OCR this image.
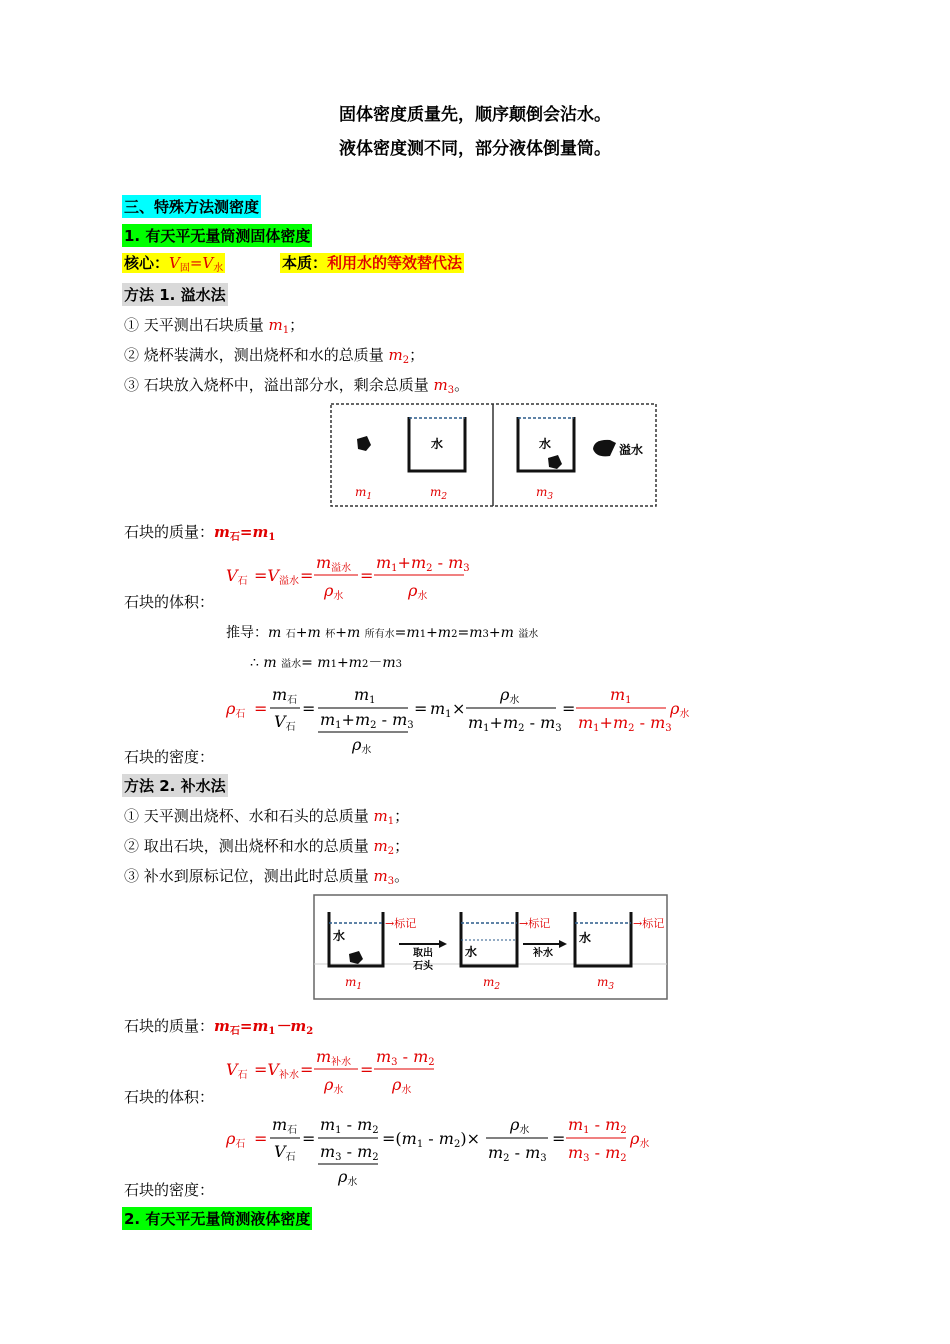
固体密度质量先，顺序颠倒会沾水。
液体密度测不同，部分液体倒量筒。
三、特殊方法测密度
1. 有天平无量筒测固体密度
核心：$V_固=V_水$	本质：利用水的等效替代法
方法 1. 溢水法
① 天平测出石块质量 $m_1$；
② 烧杯装满水，测出烧杯和水的总质量 $m_2$；
③ 石块放入烧杯中，溢出部分水，剩余总质量 $m_3$。
水	水	溢水
$m_1$	$m_2$	$m_3$
石块的质量：$m_石=m_1$
V石 =V溢水 =
m溢水
ρ水
=
m1+m2 - m3
ρ水
石块的体积：
推导：m 石+m 杯+m 所有水=m1+m2=m3+m 溢水
∴ m 溢水= m1+m2－m3
ρ石 =
m石
V石
=
m1
m1+m2 - m3
ρ水
= m1 ×
ρ水
m1+m2 - m3
=
m1
m1+m2 - m3
ρ水
石块的密度：
方法 2. 补水法
① 天平测出烧杯、水和石头的总质量 $m_1$；
② 取出石块，测出烧杯和水的总质量 $m_2$；
③ 补水到原标记位，测出此时总质量 $m_3$。
水
→标记
取出
石头
水
→标记
补水
水
→标记
$m_1$	$m_2$	$m_3$
石块的质量：$m_石=m_1-m_2$
V石 =V补水 =
m补水
ρ水
=
m3 - m2
ρ水
石块的体积：
ρ石 =
m石
V石
=
m1 - m2
m3 - m2
ρ水
=(m1 - m2)×
ρ水
m2 - m3
=
m1 - m2
m3 - m2
ρ水
石块的密度：
2. 有天平无量筒测液体密度
